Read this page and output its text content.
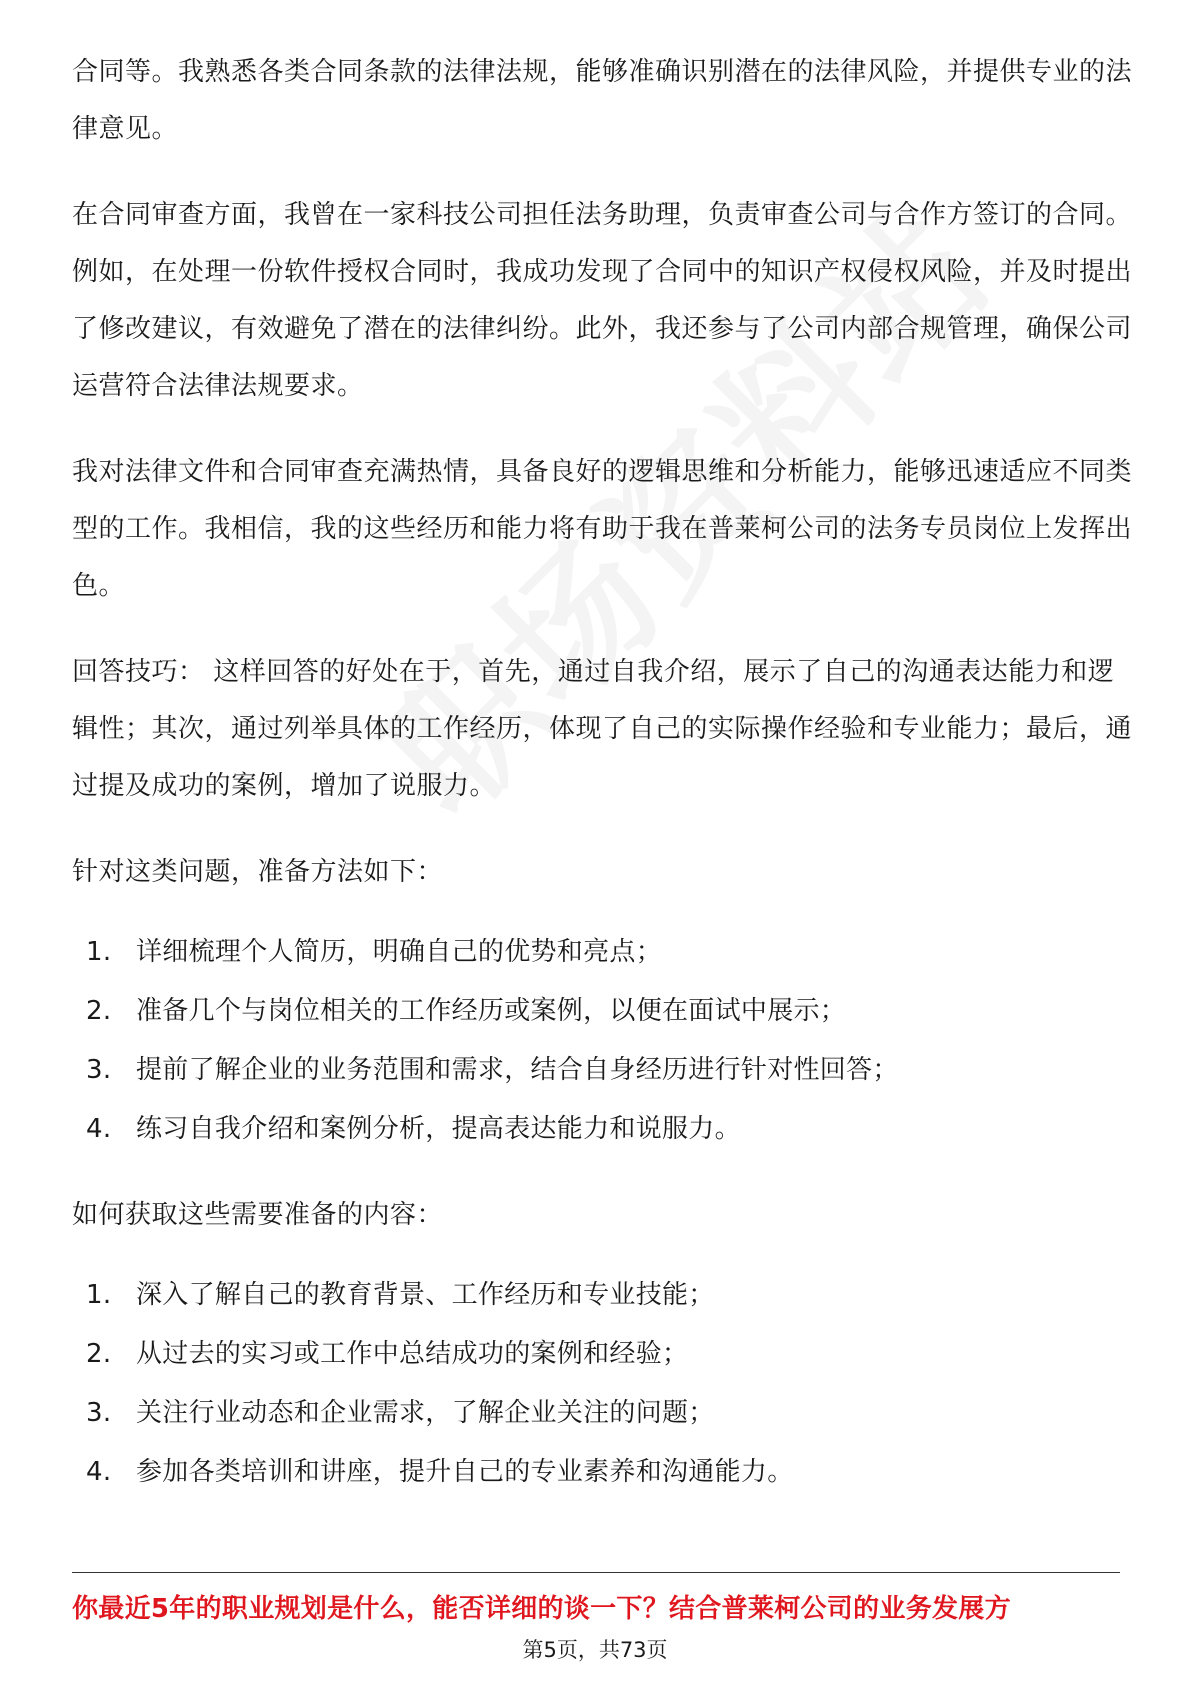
合同等。我熟悉各类合同条款的法律法规，能够准确识别潜在的法律风险，并提供专业的法律意见。

在合同审查方面，我曾在一家科技公司担任法务助理，负责审查公司与合作方签订的合同。例如，在处理一份软件授权合同时，我成功发现了合同中的知识产权侵权风险，并及时提出了修改建议，有效避免了潜在的法律纠纷。此外，我还参与了公司内部合规管理，确保公司运营符合法律法规要求。

我对法律文件和合同审查充满热情，具备良好的逻辑思维和分析能力，能够迅速适应不同类型的工作。我相信，我的这些经历和能力将有助于我在普莱柯公司的法务专员岗位上发挥出色。

回答技巧： 这样回答的好处在于，首先，通过自我介绍，展示了自己的沟通表达能力和逻辑性；其次，通过列举具体的工作经历，体现了自己的实际操作经验和专业能力；最后，通过提及成功的案例，增加了说服力。

针对这类问题，准备方法如下：

1. 详细梳理个人简历，明确自己的优势和亮点；
2. 准备几个与岗位相关的工作经历或案例，以便在面试中展示；
3. 提前了解企业的业务范围和需求，结合自身经历进行针对性回答；
4. 练习自我介绍和案例分析，提高表达能力和说服力。

如何获取这些需要准备的内容：

1. 深入了解自己的教育背景、工作经历和专业技能；
2. 从过去的实习或工作中总结成功的案例和经验；
3. 关注行业动态和企业需求，了解企业关注的问题；
4. 参加各类培训和讲座，提升自己的专业素养和沟通能力。
你最近5年的职业规划是什么，能否详细的谈一下？结合普莱柯公司的业务发展方
第5页，共73页
